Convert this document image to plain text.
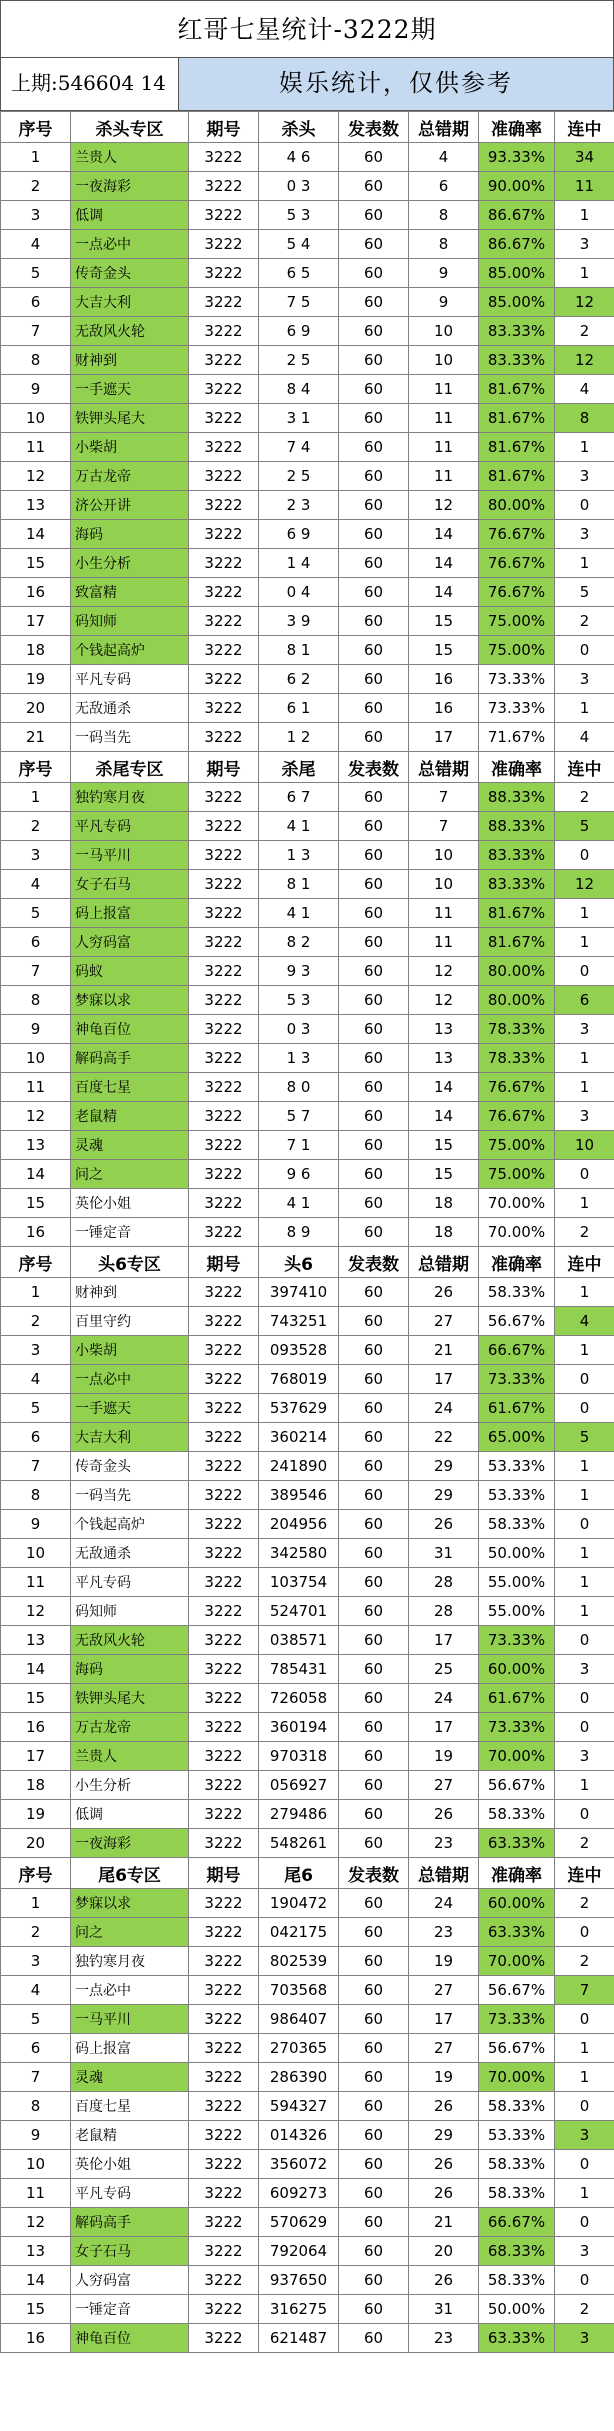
红哥七星统计-3222期
上期:546604 14	娱乐统计，仅供参考
序号	杀头专区	期号	杀头	发表数	总错期	准确率	连中
1	兰贵人	3222	4 6	60	4	93.33%	34
2	一夜海彩	3222	0 3	60	6	90.00%	11
3	低调	3222	5 3	60	8	86.67%	1
4	一点必中	3222	5 4	60	8	86.67%	3
5	传奇金头	3222	6 5	60	9	85.00%	1
6	大吉大利	3222	7 5	60	9	85.00%	12
7	无敌风火轮	3222	6 9	60	10	83.33%	2
8	财神到	3222	2 5	60	10	83.33%	12
9	一手遮天	3222	8 4	60	11	81.67%	4
10	铁钾头尾大	3222	3 1	60	11	81.67%	8
11	小柴胡	3222	7 4	60	11	81.67%	1
12	万古龙帝	3222	2 5	60	11	81.67%	3
13	济公开讲	3222	2 3	60	12	80.00%	0
14	海码	3222	6 9	60	14	76.67%	3
15	小生分析	3222	1 4	60	14	76.67%	1
16	致富精	3222	0 4	60	14	76.67%	5
17	码知师	3222	3 9	60	15	75.00%	2
18	个钱起高炉	3222	8 1	60	15	75.00%	0
19	平凡专码	3222	6 2	60	16	73.33%	3
20	无敌通杀	3222	6 1	60	16	73.33%	1
21	一码当先	3222	1 2	60	17	71.67%	4
序号	杀尾专区	期号	杀尾	发表数	总错期	准确率	连中
1	独钓寒月夜	3222	6 7	60	7	88.33%	2
2	平凡专码	3222	4 1	60	7	88.33%	5
3	一马平川	3222	1 3	60	10	83.33%	0
4	女子石马	3222	8 1	60	10	83.33%	12
5	码上报富	3222	4 1	60	11	81.67%	1
6	人穷码富	3222	8 2	60	11	81.67%	1
7	码蚁	3222	9 3	60	12	80.00%	0
8	梦寐以求	3222	5 3	60	12	80.00%	6
9	神龟百位	3222	0 3	60	13	78.33%	3
10	解码高手	3222	1 3	60	13	78.33%	1
11	百度七星	3222	8 0	60	14	76.67%	1
12	老鼠精	3222	5 7	60	14	76.67%	3
13	灵魂	3222	7 1	60	15	75.00%	10
14	问之	3222	9 6	60	15	75.00%	0
15	英伦小姐	3222	4 1	60	18	70.00%	1
16	一锤定音	3222	8 9	60	18	70.00%	2
序号	头6专区	期号	头6	发表数	总错期	准确率	连中
1	财神到	3222	397410	60	26	58.33%	1
2	百里守约	3222	743251	60	27	56.67%	4
3	小柴胡	3222	093528	60	21	66.67%	1
4	一点必中	3222	768019	60	17	73.33%	0
5	一手遮天	3222	537629	60	24	61.67%	0
6	大吉大利	3222	360214	60	22	65.00%	5
7	传奇金头	3222	241890	60	29	53.33%	1
8	一码当先	3222	389546	60	29	53.33%	1
9	个钱起高炉	3222	204956	60	26	58.33%	0
10	无敌通杀	3222	342580	60	31	50.00%	1
11	平凡专码	3222	103754	60	28	55.00%	1
12	码知师	3222	524701	60	28	55.00%	1
13	无敌风火轮	3222	038571	60	17	73.33%	0
14	海码	3222	785431	60	25	60.00%	3
15	铁钾头尾大	3222	726058	60	24	61.67%	0
16	万古龙帝	3222	360194	60	17	73.33%	0
17	兰贵人	3222	970318	60	19	70.00%	3
18	小生分析	3222	056927	60	27	56.67%	1
19	低调	3222	279486	60	26	58.33%	0
20	一夜海彩	3222	548261	60	23	63.33%	2
序号	尾6专区	期号	尾6	发表数	总错期	准确率	连中
1	梦寐以求	3222	190472	60	24	60.00%	2
2	问之	3222	042175	60	23	63.33%	0
3	独钓寒月夜	3222	802539	60	19	70.00%	2
4	一点必中	3222	703568	60	27	56.67%	7
5	一马平川	3222	986407	60	17	73.33%	0
6	码上报富	3222	270365	60	27	56.67%	1
7	灵魂	3222	286390	60	19	70.00%	1
8	百度七星	3222	594327	60	26	58.33%	0
9	老鼠精	3222	014326	60	29	53.33%	3
10	英伦小姐	3222	356072	60	26	58.33%	0
11	平凡专码	3222	609273	60	26	58.33%	1
12	解码高手	3222	570629	60	21	66.67%	0
13	女子石马	3222	792064	60	20	68.33%	3
14	人穷码富	3222	937650	60	26	58.33%	0
15	一锤定音	3222	316275	60	31	50.00%	2
16	神龟百位	3222	621487	60	23	63.33%	3
